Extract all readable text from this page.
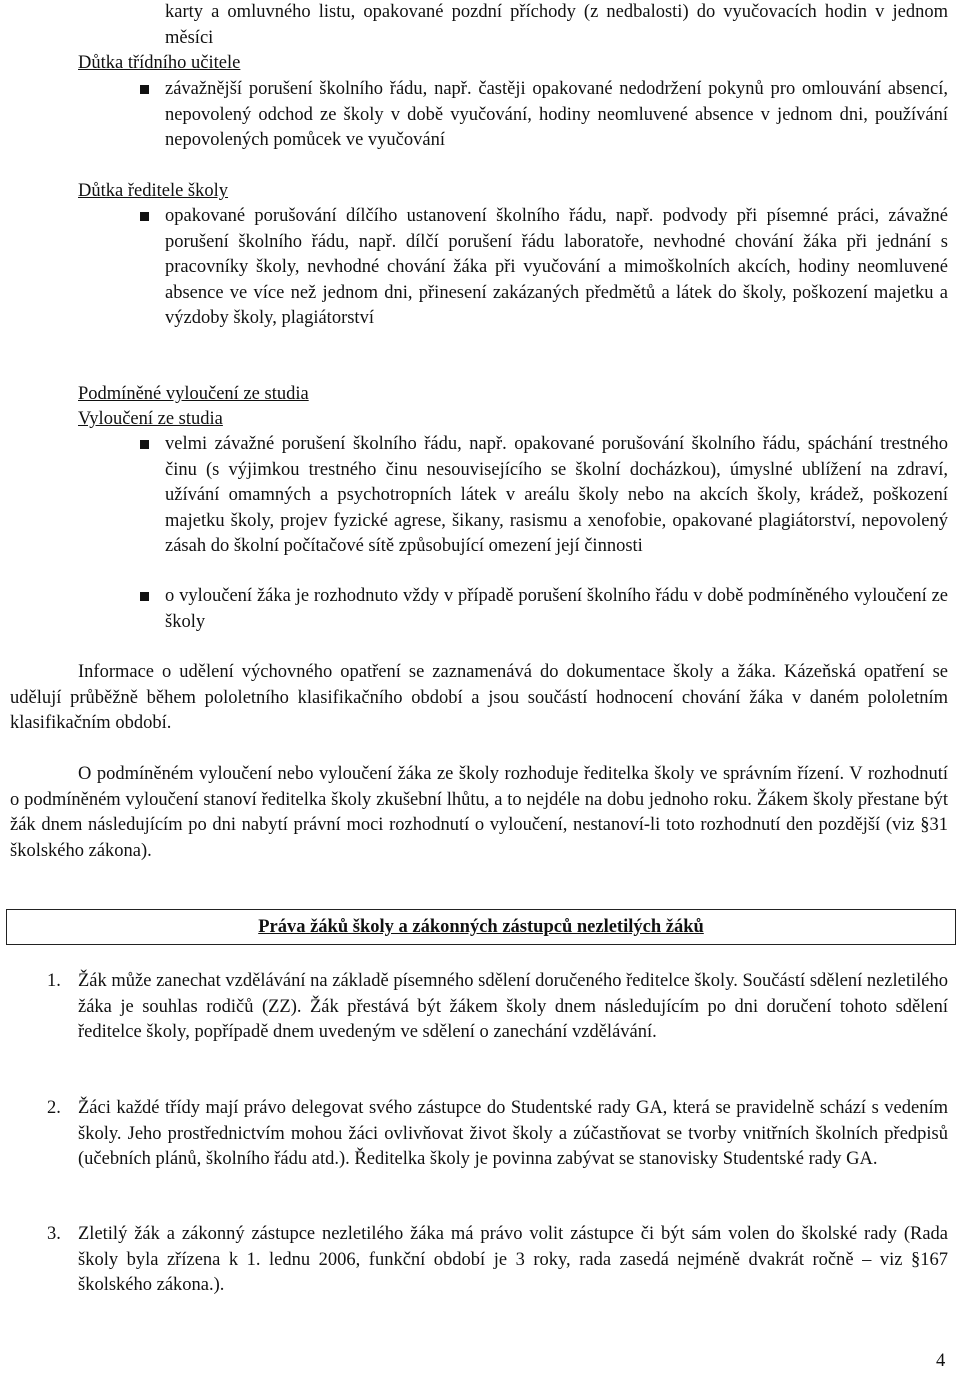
karty a omluvného listu, opakované pozdní příchody (z nedbalosti) do vyučovacích hodin v jednom měsíci
Důtka třídního učitele
závažnější porušení školního řádu, např. častěji opakované nedodržení pokynů pro omlouvání absencí, nepovolený odchod ze školy v době vyučování, hodiny neomluvené absence v jednom dni, používání nepovolených pomůcek ve vyučování
Důtka ředitele školy
opakované porušování dílčího ustanovení školního řádu, např. podvody při písemné práci, závažné porušení školního řádu, např. dílčí porušení řádu laboratoře, nevhodné chování žáka při jednání s pracovníky školy, nevhodné chování žáka při vyučování a mimoškolních akcích, hodiny neomluvené absence ve více než jednom dni, přinesení zakázaných předmětů a látek do školy, poškození majetku a výzdoby školy, plagiátorství
Podmíněné vyloučení ze studia
Vyloučení ze studia
velmi závažné porušení školního řádu, např. opakované porušování školního řádu, spáchání trestného činu (s výjimkou trestného činu nesouvisejícího se školní docházkou), úmyslné ublížení na zdraví, užívání omamných a psychotropních látek v areálu školy nebo na akcích školy, krádež, poškození majetku školy, projev fyzické agrese, šikany, rasismu a xenofobie, opakované plagiátorství, nepovolený zásah do školní počítačové sítě způsobující omezení její činnosti
o vyloučení žáka je rozhodnuto vždy v případě porušení školního řádu v době podmíněného vyloučení ze školy
Informace o udělení výchovného opatření se zaznamenává do dokumentace školy a žáka. Kázeňská opatření se udělují průběžně během pololetního klasifikačního období a jsou součástí hodnocení chování žáka v daném pololetním klasifikačním období.
O podmíněném vyloučení nebo vyloučení žáka ze školy rozhoduje ředitelka školy ve správním řízení. V rozhodnutí o podmíněném vyloučení stanoví ředitelka školy zkušební lhůtu, a to nejdéle na dobu jednoho roku. Žákem školy přestane být žák dnem následujícím po dni nabytí právní moci rozhodnutí o vyloučení, nestanoví-li toto rozhodnutí den pozdější (viz §31 školského zákona).
Práva žáků školy a zákonných zástupců nezletilých žáků
1. Žák může zanechat vzdělávání na základě písemného sdělení doručeného ředitelce školy. Součástí sdělení nezletilého žáka je souhlas rodičů (ZZ). Žák přestává být žákem školy dnem následujícím po dni doručení tohoto sdělení ředitelce školy, popřípadě dnem uvedeným ve sdělení o zanechání vzdělávání.
2. Žáci každé třídy mají právo delegovat svého zástupce do Studentské rady GA, která se pravidelně schází s vedením školy. Jeho prostřednictvím mohou žáci ovlivňovat život školy a zúčastňovat se tvorby vnitřních školních předpisů (učebních plánů, školního řádu atd.). Ředitelka školy je povinna zabývat se stanovisky Studentské rady GA.
3. Zletilý žák a zákonný zástupce nezletilého žáka má právo volit zástupce či být sám volen do školské rady (Rada školy byla zřízena k 1. lednu 2006, funkční období je 3 roky, rada zasedá nejméně dvakrát ročně – viz §167 školského zákona.).
4
